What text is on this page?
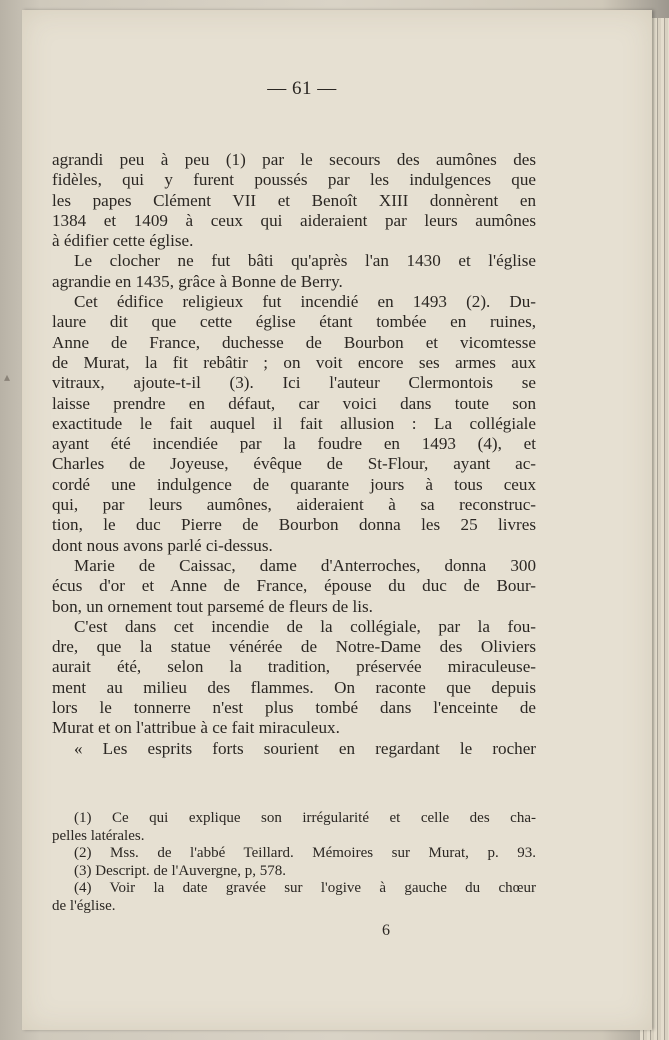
— 61 —
agrandi peu à peu (1) par le secours des aumônes des
fidèles, qui y furent poussés par les indulgences que
les papes Clément VII et Benoît XIII donnèrent en
1384 et 1409 à ceux qui aideraient par leurs aumônes
à édifier cette église.
Le clocher ne fut bâti qu'après l'an 1430 et l'église
agrandie en 1435, grâce à Bonne de Berry.
Cet édifice religieux fut incendié en 1493 (2). Du-
laure dit que cette église étant tombée en ruines,
Anne de France, duchesse de Bourbon et vicomtesse
de Murat, la fit rebâtir ; on voit encore ses armes aux
vitraux, ajoute-t-il (3). Ici l'auteur Clermontois se
laisse prendre en défaut, car voici dans toute son
exactitude le fait auquel il fait allusion : La collégiale
ayant été incendiée par la foudre en 1493 (4), et
Charles de Joyeuse, évêque de St-Flour, ayant ac-
cordé une indulgence de quarante jours à tous ceux
qui, par leurs aumônes, aideraient à sa reconstruc-
tion, le duc Pierre de Bourbon donna les 25 livres
dont nous avons parlé ci-dessus.
Marie de Caissac, dame d'Anterroches, donna 300
écus d'or et Anne de France, épouse du duc de Bour-
bon, un ornement tout parsemé de fleurs de lis.
C'est dans cet incendie de la collégiale, par la fou-
dre, que la statue vénérée de Notre-Dame des Oliviers
aurait été, selon la tradition, préservée miraculeuse-
ment au milieu des flammes. On raconte que depuis
lors le tonnerre n'est plus tombé dans l'enceinte de
Murat et on l'attribue à ce fait miraculeux.
« Les esprits forts sourient en regardant le rocher
(1) Ce qui explique son irrégularité et celle des cha-
pelles latérales.
(2) Mss. de l'abbé Teillard. Mémoires sur Murat, p. 93.
(3) Descript. de l'Auvergne, p, 578.
(4) Voir la date gravée sur l'ogive à gauche du chœur
de l'église.
6
▴
